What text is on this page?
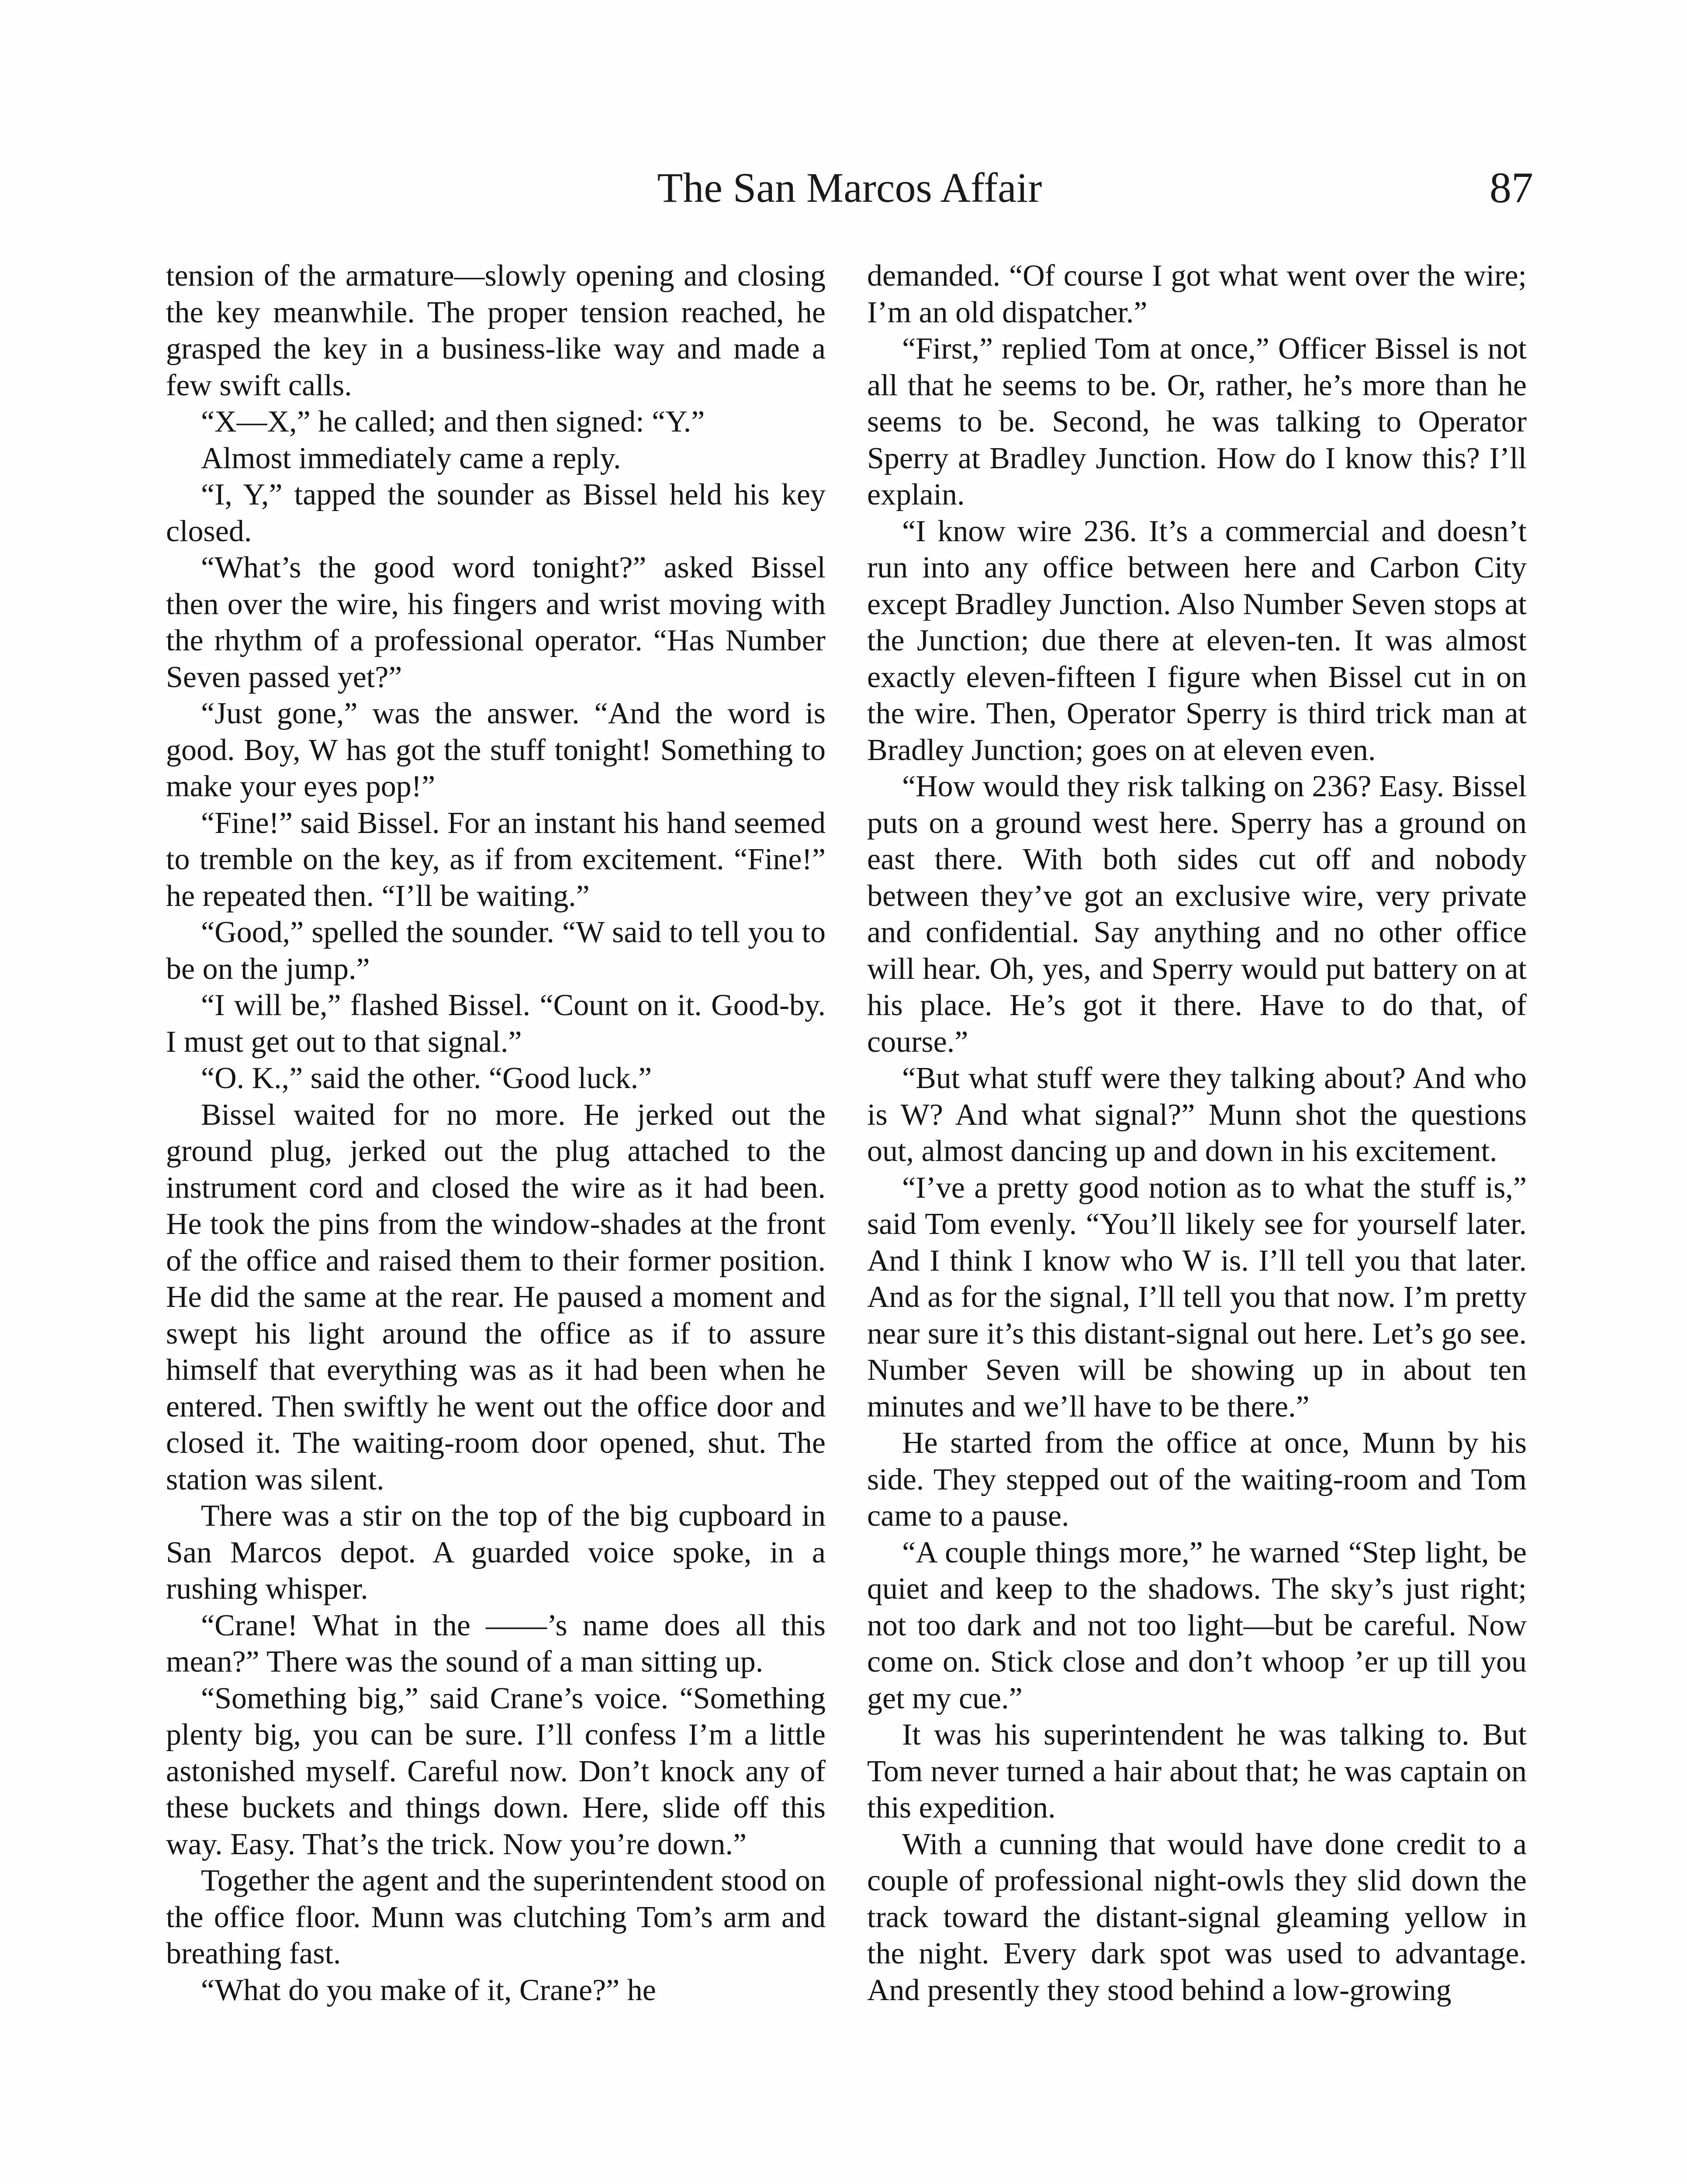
The San Marcos Affair	87

tension of the armature—slowly opening and closing the key meanwhile. The proper tension reached, he grasped the key in a business-like way and made a few swift calls.

“X—X,” he called; and then signed: “Y.”

Almost immediately came a reply.

“I, Y,” tapped the sounder as Bissel held his key closed.

“What’s the good word tonight?” asked Bissel then over the wire, his fingers and wrist moving with the rhythm of a professional operator. “Has Number Seven passed yet?”

“Just gone,” was the answer. “And the word is good. Boy, W has got the stuff tonight! Something to make your eyes pop!”

“Fine!” said Bissel. For an instant his hand seemed to tremble on the key, as if from excitement. “Fine!” he repeated then. “I’ll be waiting.”

“Good,” spelled the sounder. “W said to tell you to be on the jump.”

“I will be,” flashed Bissel. “Count on it. Good-by. I must get out to that signal.”

“O. K.,” said the other. “Good luck.”

Bissel waited for no more. He jerked out the ground plug, jerked out the plug attached to the instrument cord and closed the wire as it had been. He took the pins from the window-shades at the front of the office and raised them to their former position. He did the same at the rear. He paused a moment and swept his light around the office as if to assure himself that everything was as it had been when he entered. Then swiftly he went out the office door and closed it. The waiting-room door opened, shut. The station was silent.

There was a stir on the top of the big cupboard in San Marcos depot. A guarded voice spoke, in a rushing whisper.

“Crane! What in the ——’s name does all this mean?” There was the sound of a man sitting up.

“Something big,” said Crane’s voice. “Something plenty big, you can be sure. I’ll confess I’m a little astonished myself. Careful now. Don’t knock any of these buckets and things down. Here, slide off this way. Easy. That’s the trick. Now you’re down.”

Together the agent and the superintendent stood on the office floor. Munn was clutching Tom’s arm and breathing fast.

“What do you make of it, Crane?” he

demanded. “Of course I got what went over the wire; I’m an old dispatcher.”

“First,” replied Tom at once,” Officer Bissel is not all that he seems to be. Or, rather, he’s more than he seems to be. Second, he was talking to Operator Sperry at Bradley Junction. How do I know this? I’ll explain.

“I know wire 236. It’s a commercial and doesn’t run into any office between here and Carbon City except Bradley Junction. Also Number Seven stops at the Junction; due there at eleven-ten. It was almost exactly eleven-fifteen I figure when Bissel cut in on the wire. Then, Operator Sperry is third trick man at Bradley Junction; goes on at eleven even.

“How would they risk talking on 236? Easy. Bissel puts on a ground west here. Sperry has a ground on east there. With both sides cut off and nobody between they’ve got an exclusive wire, very private and confidential. Say anything and no other office will hear. Oh, yes, and Sperry would put battery on at his place. He’s got it there. Have to do that, of course.”

“But what stuff were they talking about? And who is W? And what signal?” Munn shot the questions out, almost dancing up and down in his excitement.

“I’ve a pretty good notion as to what the stuff is,” said Tom evenly. “You’ll likely see for yourself later. And I think I know who W is. I’ll tell you that later. And as for the signal, I’ll tell you that now. I’m pretty near sure it’s this distant-signal out here. Let’s go see. Number Seven will be showing up in about ten minutes and we’ll have to be there.”

He started from the office at once, Munn by his side. They stepped out of the waiting-room and Tom came to a pause.

“A couple things more,” he warned “Step light, be quiet and keep to the shadows. The sky’s just right; not too dark and not too light—but be careful. Now come on. Stick close and don’t whoop ’er up till you get my cue.”

It was his superintendent he was talking to. But Tom never turned a hair about that; he was captain on this expedition.

With a cunning that would have done credit to a couple of professional night-owls they slid down the track toward the distant-signal gleaming yellow in the night. Every dark spot was used to advantage. And presently they stood behind a low-growing
